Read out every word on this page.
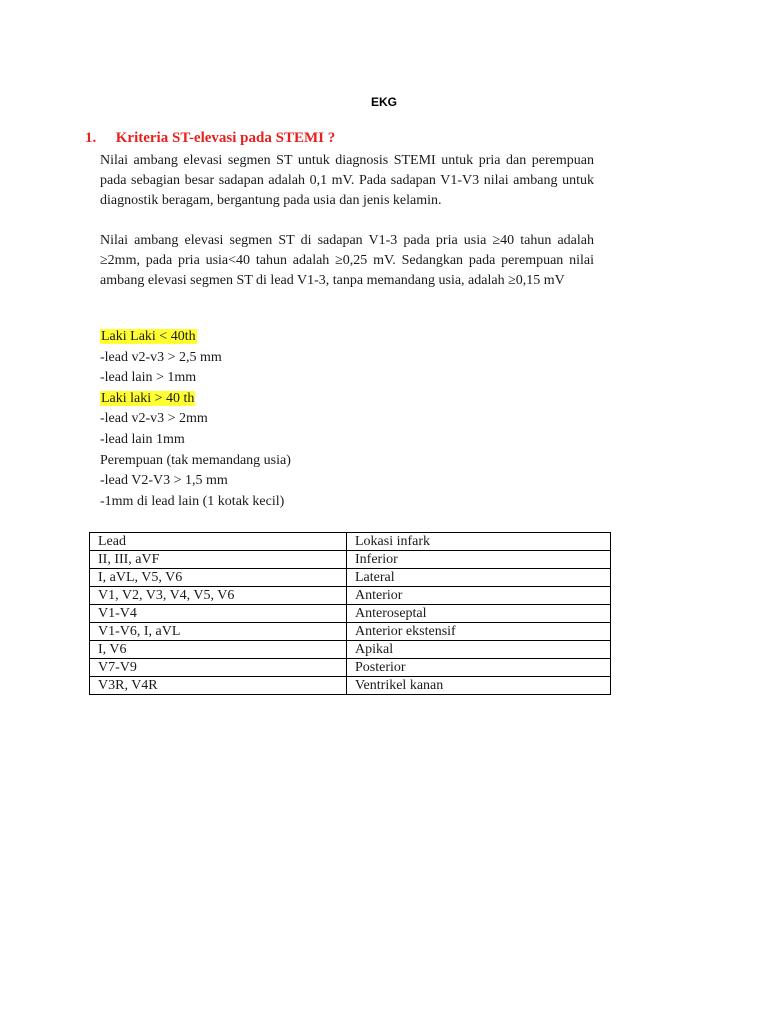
EKG
1. Kriteria ST-elevasi pada STEMI ?
Nilai ambang elevasi segmen ST untuk diagnosis STEMI untuk pria dan perempuan pada sebagian besar sadapan adalah 0,1 mV. Pada sadapan V1-V3 nilai ambang untuk diagnostik beragam, bergantung pada usia dan jenis kelamin.
Nilai ambang elevasi segmen ST di sadapan V1-3 pada pria usia ≥40 tahun adalah ≥2mm, pada pria usia<40 tahun adalah ≥0,25 mV. Sedangkan pada perempuan nilai ambang elevasi segmen ST di lead V1-3, tanpa memandang usia, adalah ≥0,15 mV
Laki Laki < 40th
-lead v2-v3 > 2,5 mm
-lead lain > 1mm
Laki laki > 40 th
-lead v2-v3 > 2mm
-lead lain 1mm
Perempuan (tak memandang usia)
-lead V2-V3 > 1,5 mm
-1mm di lead lain (1 kotak kecil)
Lead	Lokasi infark
II, III, aVF	Inferior
I, aVL, V5, V6	Lateral
V1, V2, V3, V4, V5, V6	Anterior
V1-V4	Anteroseptal
V1-V6, I, aVL	Anterior ekstensif
I, V6	Apikal
V7-V9	Posterior
V3R, V4R	Ventrikel kanan
